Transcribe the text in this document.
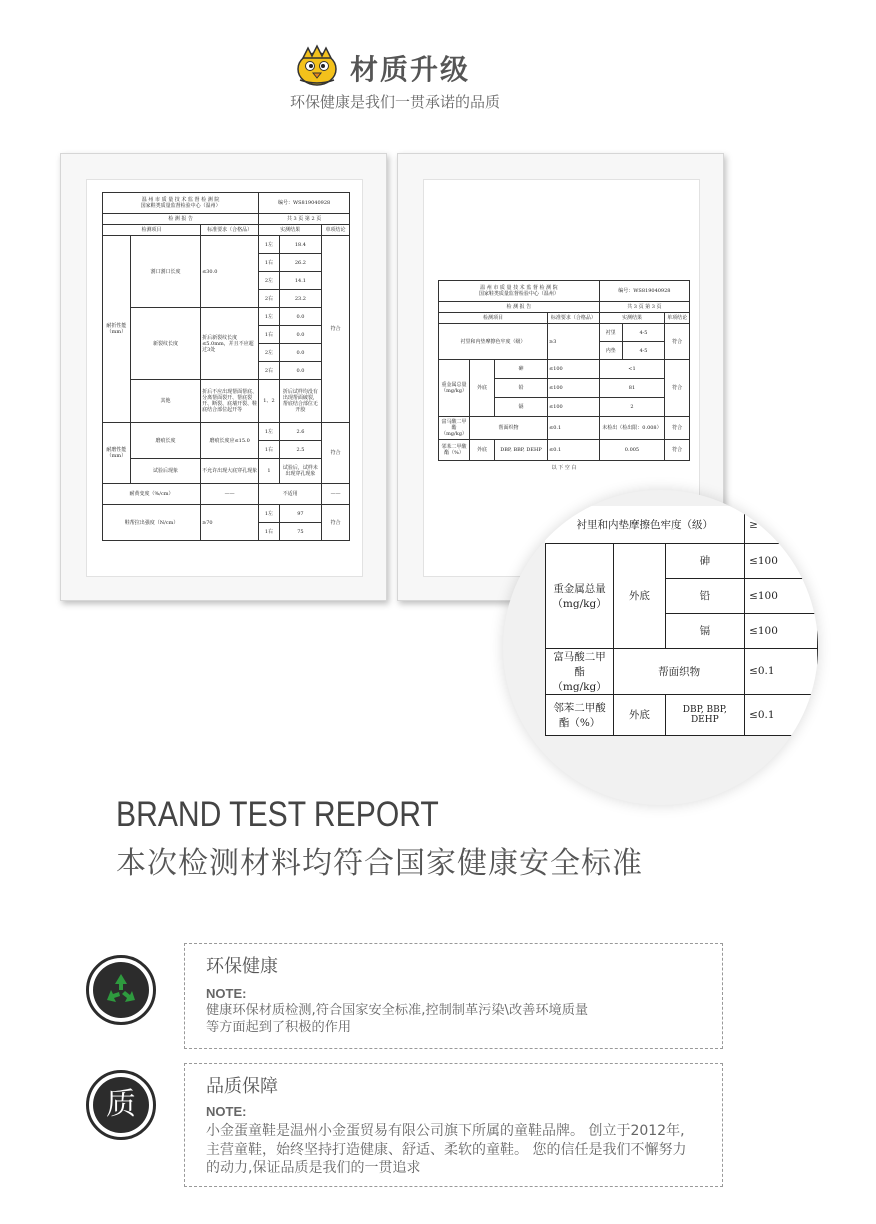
材质升级
环保健康是我们一贯承诺的品质
温 州 市 质 量 技 术 监 督 检 测 院
国家鞋类质量监督检验中心（温州）			编号：WS819040928		
检 测 报 告			共 3 页 第 2 页		
检测项目		标准要求（合格品）	实测结果		单项结论
耐折性能（mm）	割口割口长度	≤30.0	1左	18.4	符合
			1右	26.2	
			2左	14.1	
			2右	23.2	
	新裂纹长度	折后新裂纹长度≤5.0mm，并且不应超过3处	1左	0.0	
			1右	0.0	
			2左	0.0	
			2右	0.0	
	其他	折后不应出现帮面帮底、分离帮面裂开、帮底裂开、断裂、底墙开裂、鞋底结合部位起开等	1、2	折后试样均没有出现帮面破裂，帮底结合部位无开胶	
耐磨性能（mm）	磨痕长度	磨痕长度应≤15.0	1左	2.6	符合
			1右	2.5	
	试验后现象	不允许出现大底穿孔现象	1	试验后，试样未出现穿孔现象	
耐黄变度（%/cm）		——	不适用		——
鞋帮拉出强度（N/cm）		≥70	1左	97	符合
			1右	75	
温 州 市 质 量 技 术 监 督 检 测 院
国家鞋类质量监督检验中心（温州）				编号：WS819040928		
检 测 报 告				共 3 页 第 3 页		
检测项目			标准要求（合格品）	实测结果		单项结论
衬里和内垫摩擦色牢度（级）			≥3	衬里	4-5	符合
				内垫	4-5	
重金属总量（mg/kg）	外底	砷	≤100	<1		符合
		铅	≤100	81		
		镉	≤100	2		
富马酸二甲酯（mg/kg）	帮面织物		≤0.1	未检出（检出限：0.008）		符合
邻苯二甲酸酯（%）	外底	DBP, BBP, DEHP	≤0.1	0.005		符合
以 下 空 白
衬里和内垫摩擦色牢度（级）			≥
重金属总量（mg/kg）	外底	砷	≤100
		铅	≤100
		镉	≤100
富马酸二甲酯（mg/kg）	帮面织物		≤0.1
邻苯二甲酸酯（%）	外底	DBP, BBP, DEHP	≤0.1
BRAND TEST REPORT
本次检测材料均符合国家健康安全标准
环保健康
NOTE:
健康环保材质检测,符合国家安全标准,控制制革污染\改善环境质量
等方面起到了积极的作用
质
品质保障
NOTE:
小金蛋童鞋是温州小金蛋贸易有限公司旗下所属的童鞋品牌。 创立于2012年,
主营童鞋，始终坚持打造健康、舒适、柔软的童鞋。 您的信任是我们不懈努力
的动力,保证品质是我们的一贯追求
